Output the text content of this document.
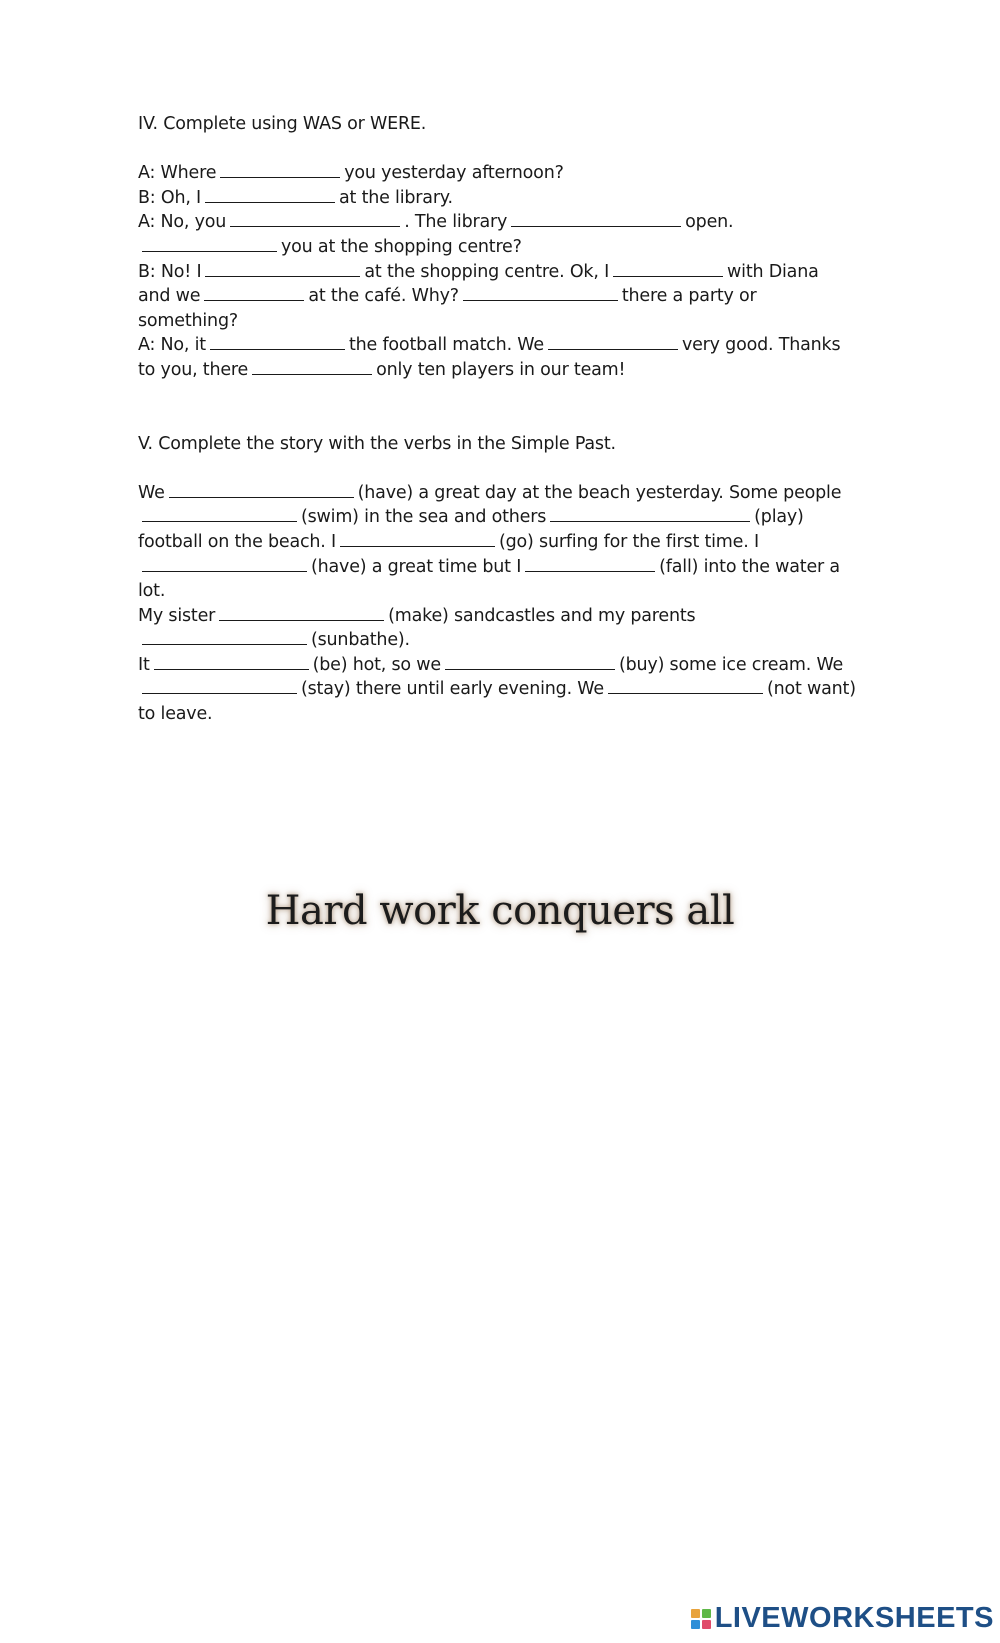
IV. Complete using WAS or WERE.

A: Where	you yesterday afternoon?

B: Oh, I	at the library.

A: No, you	. The library	open.

you at the shopping centre?

B: No! I	at the shopping centre. Ok, I	with Diana

and we	at the café. Why?	there a party or

something?

A: No, it	the football match. We	very good. Thanks

to you, there	only ten players in our team!

V. Complete the story with the verbs in the Simple Past.

We	(have) a great day at the beach yesterday. Some people

(swim) in the sea and others	(play)

football on the beach. I	(go) surfing for the first time. I

(have) a great time but I	(fall) into the water a

lot.

My sister	(make) sandcastles and my parents

(sunbathe).

It	(be) hot, so we	(buy) some ice cream. We

(stay) there until early evening. We	(not want)

to leave.

Hard work conquers all
LIVEWORKSHEETS
